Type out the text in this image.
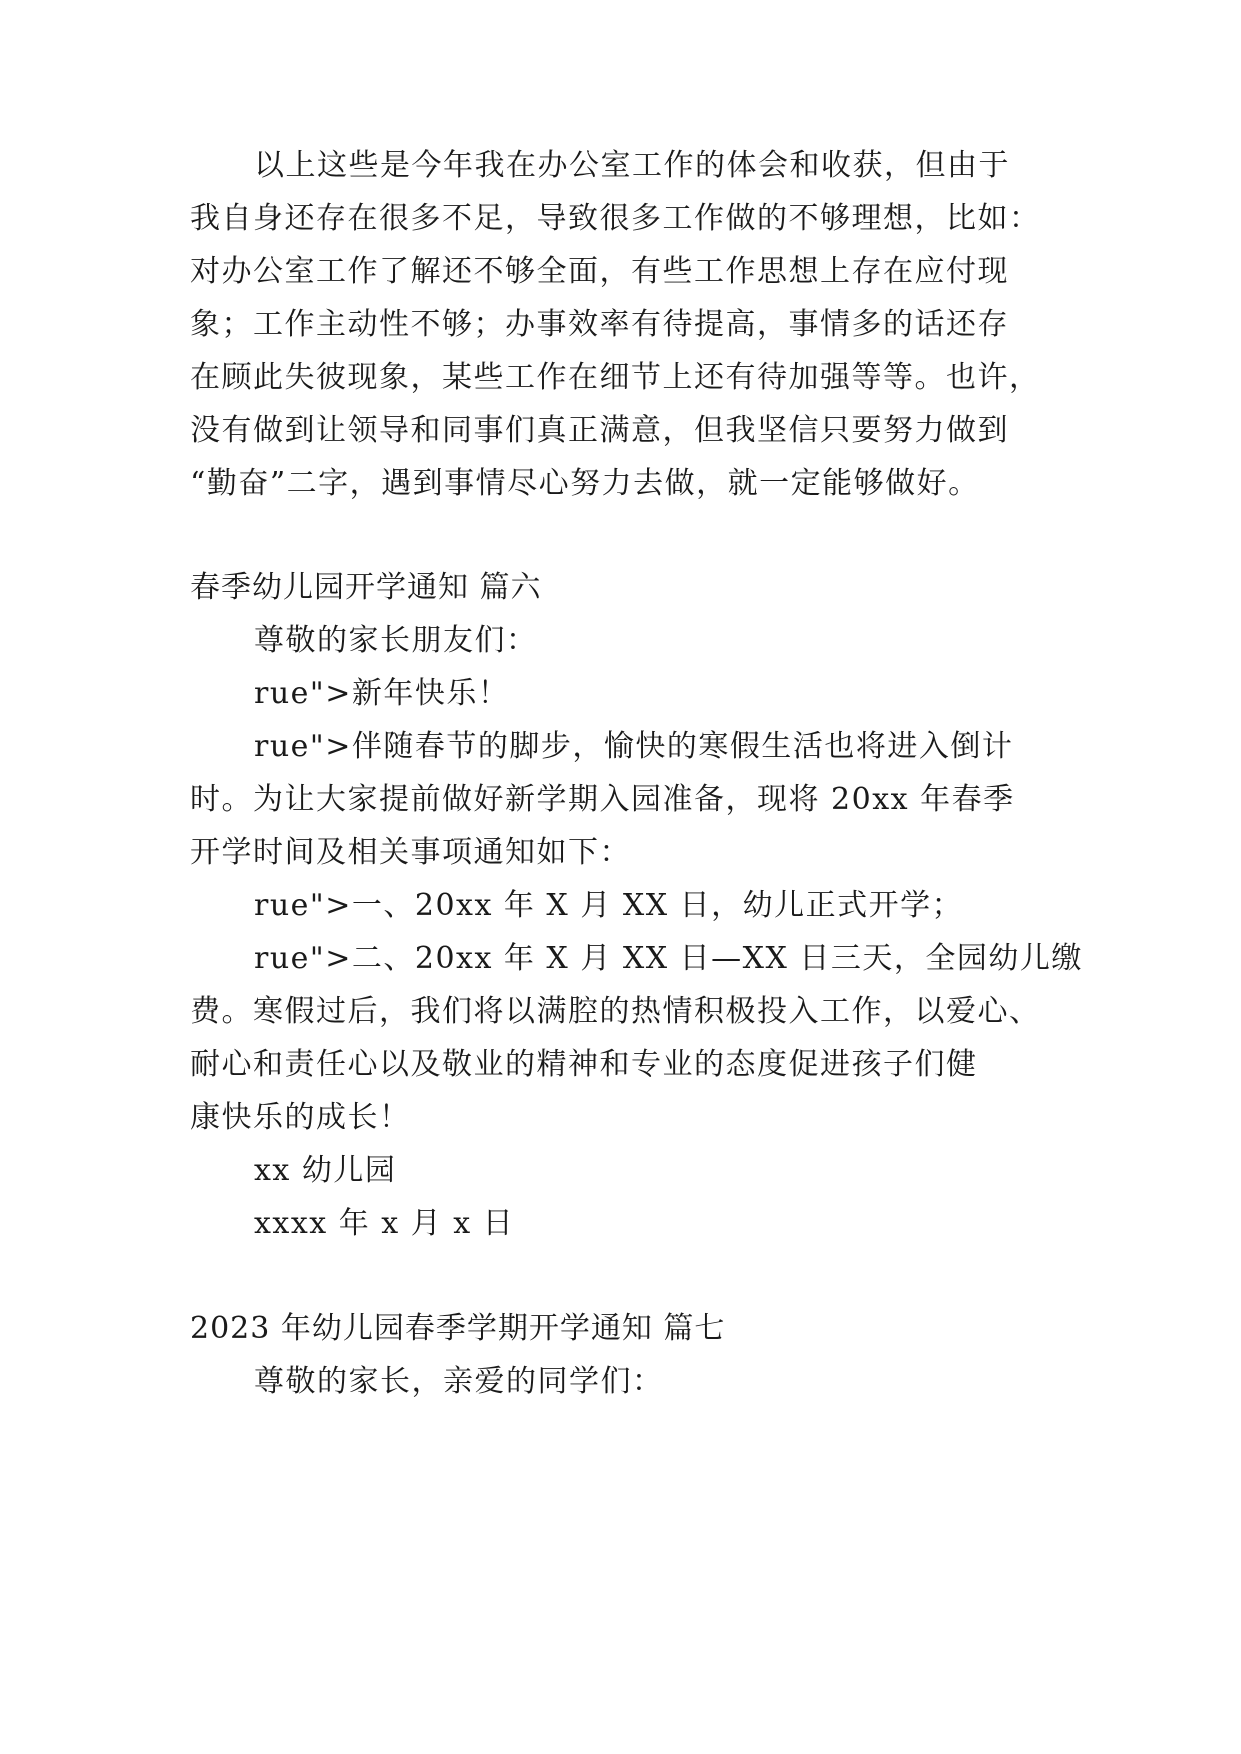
以上这些是今年我在办公室工作的体会和收获，但由于
我自身还存在很多不足，导致很多工作做的不够理想，比如：
对办公室工作了解还不够全面，有些工作思想上存在应付现
象；工作主动性不够；办事效率有待提高，事情多的话还存
在顾此失彼现象，某些工作在细节上还有待加强等等。也许，
没有做到让领导和同事们真正满意，但我坚信只要努力做到
“勤奋”二字，遇到事情尽心努力去做，就一定能够做好。
春季幼儿园开学通知 篇六
尊敬的家长朋友们：
rue">新年快乐！
rue">伴随春节的脚步，愉快的寒假生活也将进入倒计
时。为让大家提前做好新学期入园准备，现将 20xx 年春季
开学时间及相关事项通知如下：
rue">一、20xx 年 X 月 XX 日，幼儿正式开学；
rue">二、20xx 年 X 月 XX 日—XX 日三天，全园幼儿缴
费。寒假过后，我们将以满腔的热情积极投入工作，以爱心、
耐心和责任心以及敬业的精神和专业的态度促进孩子们健
康快乐的成长！
xx 幼儿园
xxxx 年 x 月 x 日
2023 年幼儿园春季学期开学通知 篇七
尊敬的家长，亲爱的同学们：
